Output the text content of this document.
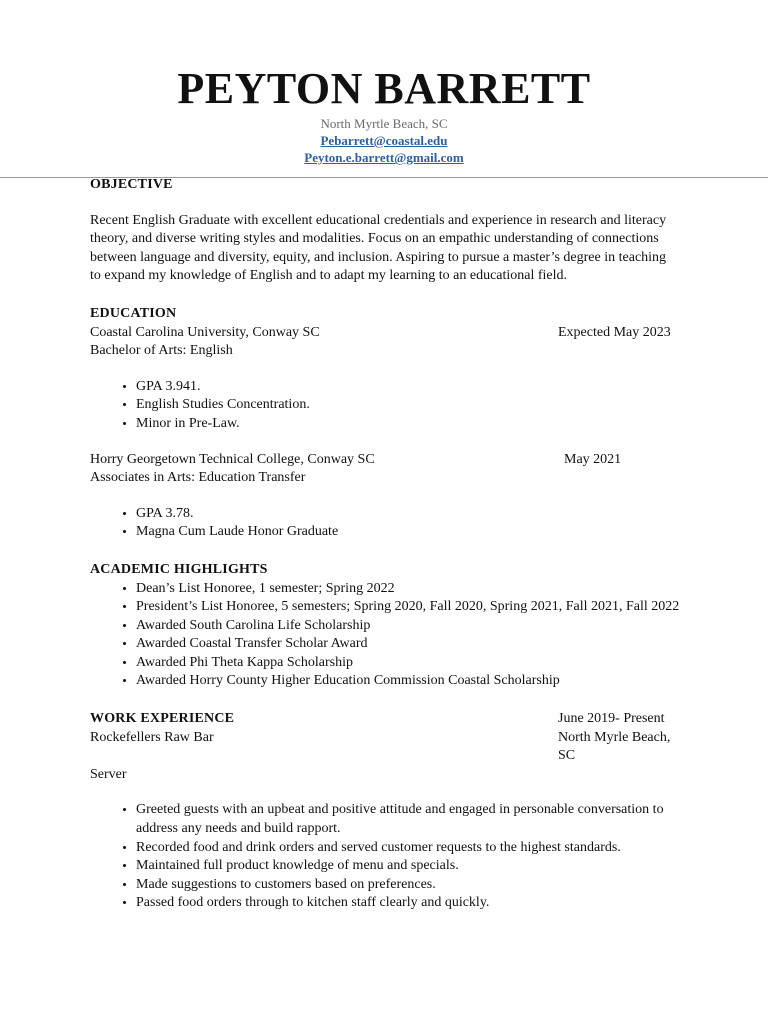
PEYTON BARRETT
North Myrtle Beach, SC
Pebarrett@coastal.edu
Peyton.e.barrett@gmail.com
OBJECTIVE

Recent English Graduate with excellent educational credentials and experience in research and literacy theory, and diverse writing styles and modalities. Focus on an empathic understanding of connections between language and diversity, equity, and inclusion. Aspiring to pursue a master’s degree in teaching to expand my knowledge of English and to adapt my learning to an educational field.

EDUCATION
Coastal Carolina University, Conway SC	Expected May 2023
Bachelor of Arts: English
• GPA 3.941.
• English Studies Concentration.
• Minor in Pre-Law.
Horry Georgetown Technical College, Conway SC	May 2021
Associates in Arts: Education Transfer
• GPA 3.78.
• Magna Cum Laude Honor Graduate
ACADEMIC HIGHLIGHTS
• Dean’s List Honoree, 1 semester; Spring 2022
• President’s List Honoree, 5 semesters; Spring 2020, Fall 2020, Spring 2021, Fall 2021, Fall 2022
• Awarded South Carolina Life Scholarship
• Awarded Coastal Transfer Scholar Award
• Awarded Phi Theta Kappa Scholarship
• Awarded Horry County Higher Education Commission Coastal Scholarship
WORK EXPERIENCE	June 2019- Present
Rockefellers Raw Bar	North Myrle Beach, SC
Server
• Greeted guests with an upbeat and positive attitude and engaged in personable conversation to address any needs and build rapport.
• Recorded food and drink orders and served customer requests to the highest standards.
• Maintained full product knowledge of menu and specials.
• Made suggestions to customers based on preferences.
• Passed food orders through to kitchen staff clearly and quickly.
